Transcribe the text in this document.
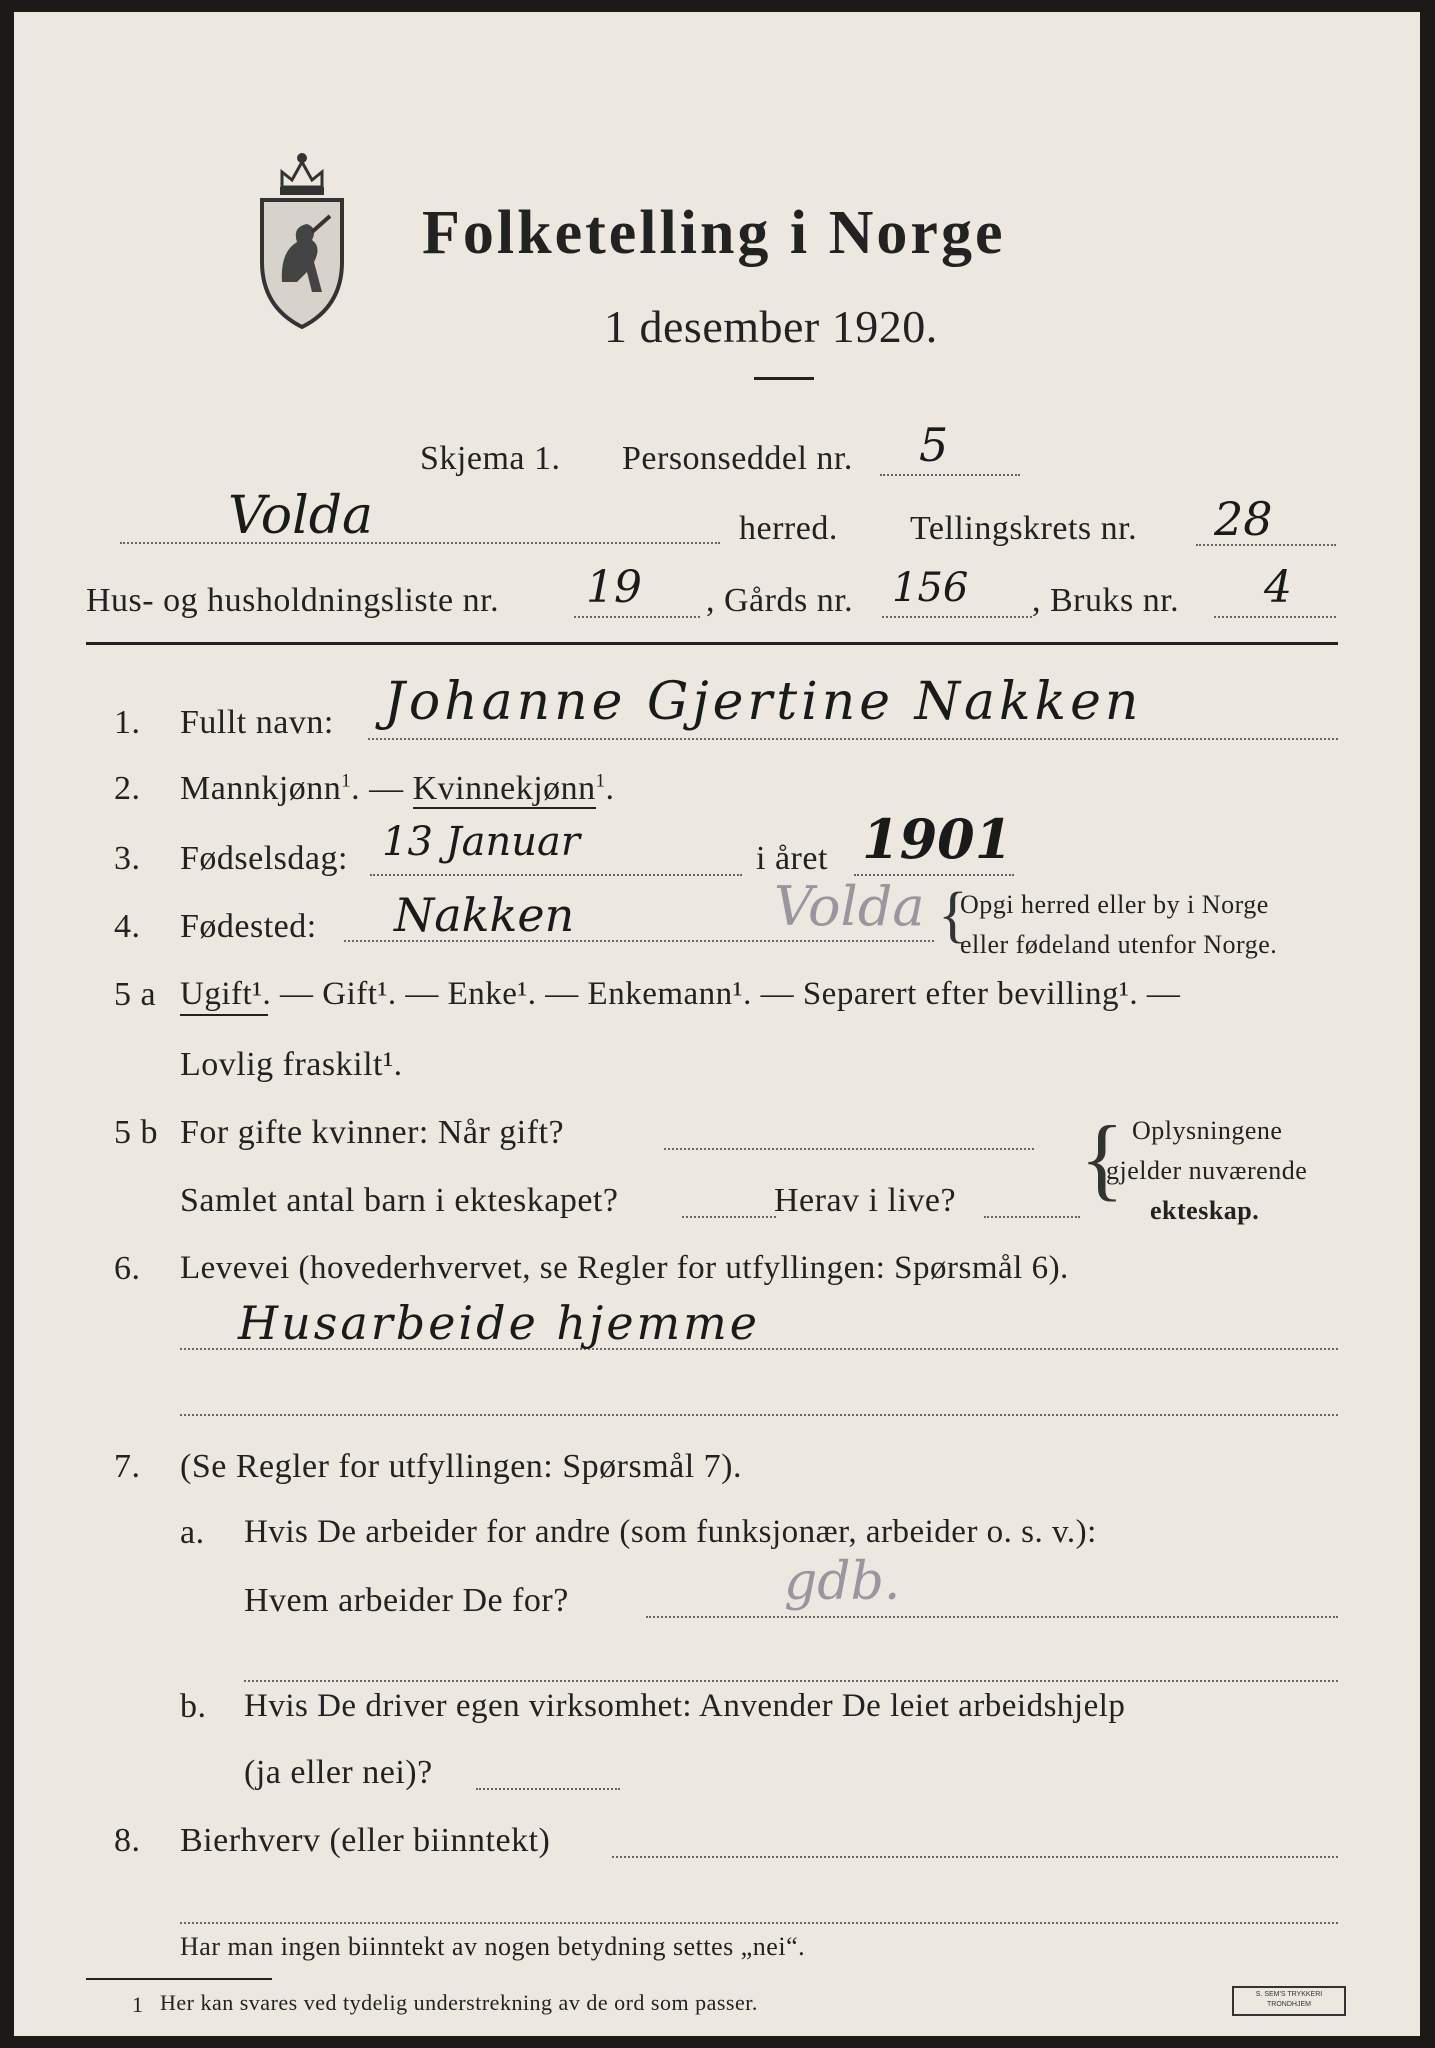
Folketelling i Norge
1 desember 1920.
Skjema 1. Personseddel nr. 5
Volda	herred. Tellingskrets nr. 28
Hus- og husholdningsliste nr. 19 , Gårds nr. 156 , Bruks nr. 4
1. Fullt navn: Johanne Gjertine Nakken
2. Mannkjønn$^1$. — Kvinnekjønn$^1$.
3. Fødselsdag: 13 Januar	i året 1901
4. Fødested: Nakken	Volda {
Opgi herred eller by i Norge
eller fødeland utenfor Norge.
5 a Ugift¹. — Gift¹. — Enke¹. — Enkemann¹. — Separert efter bevilling¹. —
Lovlig fraskilt¹.
5 b For gifte kvinner: Når gift?
Samlet antal barn i ekteskapet?	Herav i live? { Oplysningene
gjelder nuværende
ekteskap.
6. Levevei (hovederhvervet, se Regler for utfyllingen: Spørsmål 6).
Husarbeide hjemme
7. (Se Regler for utfyllingen: Spørsmål 7).
a. Hvis De arbeider for andre (som funksjonær, arbeider o. s. v.):
Hvem arbeider De for?	gdb.
b. Hvis De driver egen virksomhet: Anvender De leiet arbeidshjelp
(ja eller nei)?
8. Bierhverv (eller biinntekt)
Har man ingen biinntekt av nogen betydning settes „nei“.
1 Her kan svares ved tydelig understrekning av de ord som passer.	S. SEM'S TRYKKERI
TRONDHJEM
